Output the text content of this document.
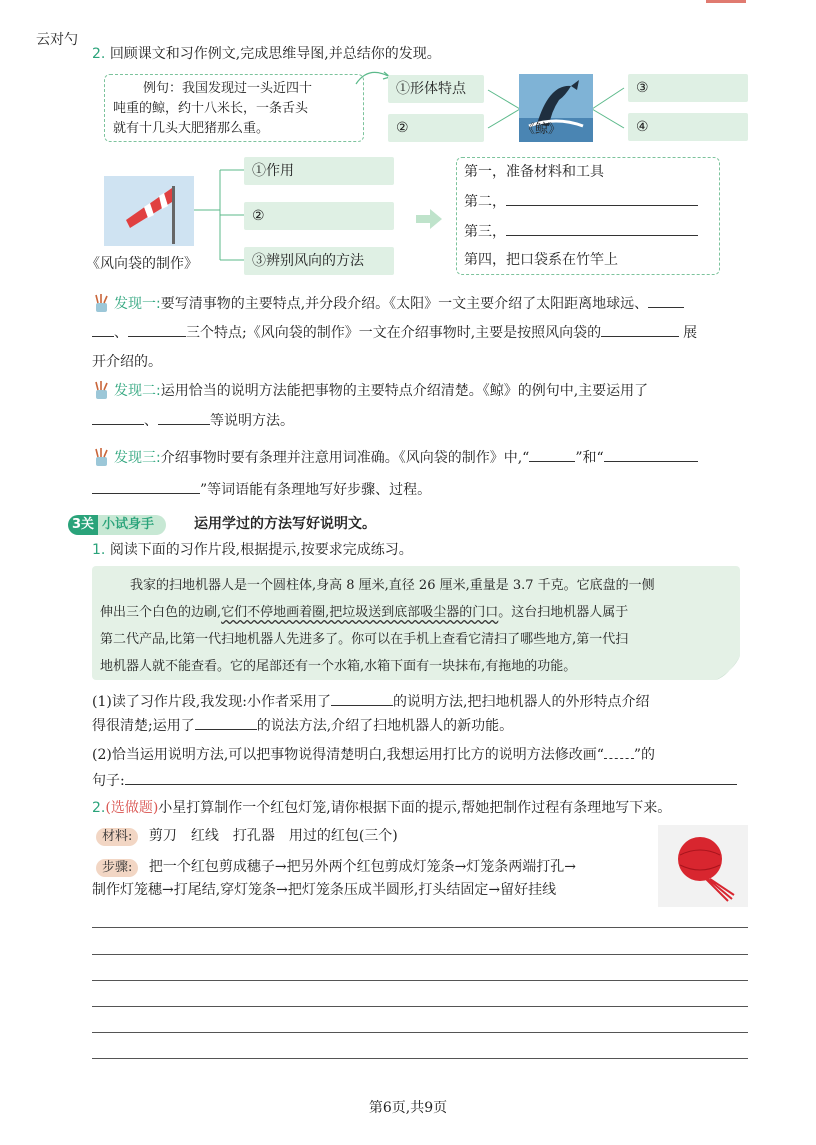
云对勺
2. 回顾课文和习作例文,完成思维导图,并总结你的发现。
例句：我国发现过一头近四十
吨重的鲸，约十八米长，一条舌头
就有十几头大肥猪那么重。
①形体特点
②
③
④
《鲸》
《风向袋的制作》
①作用
②
③辨别风向的方法
第一，准备材料和工具
第二，
第三，
第四，把口袋系在竹竿上
发现一:要写清事物的主要特点,并分段介绍。《太阳》一文主要介绍了太阳距离地球远、
、	三个特点;《风向袋的制作》一文在介绍事物时,主要是按照风向袋的	展
开介绍的。
发现二:运用恰当的说明方法能把事物的主要特点介绍清楚。《鲸》的例句中,主要运用了
、	等说明方法。
发现三:介绍事物时要有条理并注意用词准确。《风向袋的制作》中,“	”和“
”等词语能有条理地写好步骤、过程。
3关 小试身手	运用学过的方法写好说明文。
1. 阅读下面的习作片段,根据提示,按要求完成练习。
我家的扫地机器人是一个圆柱体,身高 8 厘米,直径 26 厘米,重量是 3.7 千克。它底盘的一侧
伸出三个白色的边刷,它们不停地画着圈,把垃圾送到底部吸尘器的门口。这台扫地机器人属于
第二代产品,比第一代扫地机器人先进多了。你可以在手机上查看它清扫了哪些地方,第一代扫
地机器人就不能查看。它的尾部还有一个水箱,水箱下面有一块抹布,有拖地的功能。
(1)读了习作片段,我发现:小作者采用了	的说明方法,把扫地机器人的外形特点介绍
得很清楚;运用了	的说法方法,介绍了扫地机器人的新功能。
(2)恰当运用说明方法,可以把事物说得清楚明白,我想运用打比方的说明方法修改画“ ”的
句子:
2.(选做题)小星打算制作一个红包灯笼,请你根据下面的提示,帮她把制作过程有条理地写下来。
材料: 剪刀　红线　打孔器　用过的红包(三个)
步骤: 把一个红包剪成穗子→把另外两个红包剪成灯笼条→灯笼条两端打孔→
制作灯笼穗→打尾结,穿灯笼条→把灯笼条压成半圆形,打头结固定→留好挂线
第6页,共9页
